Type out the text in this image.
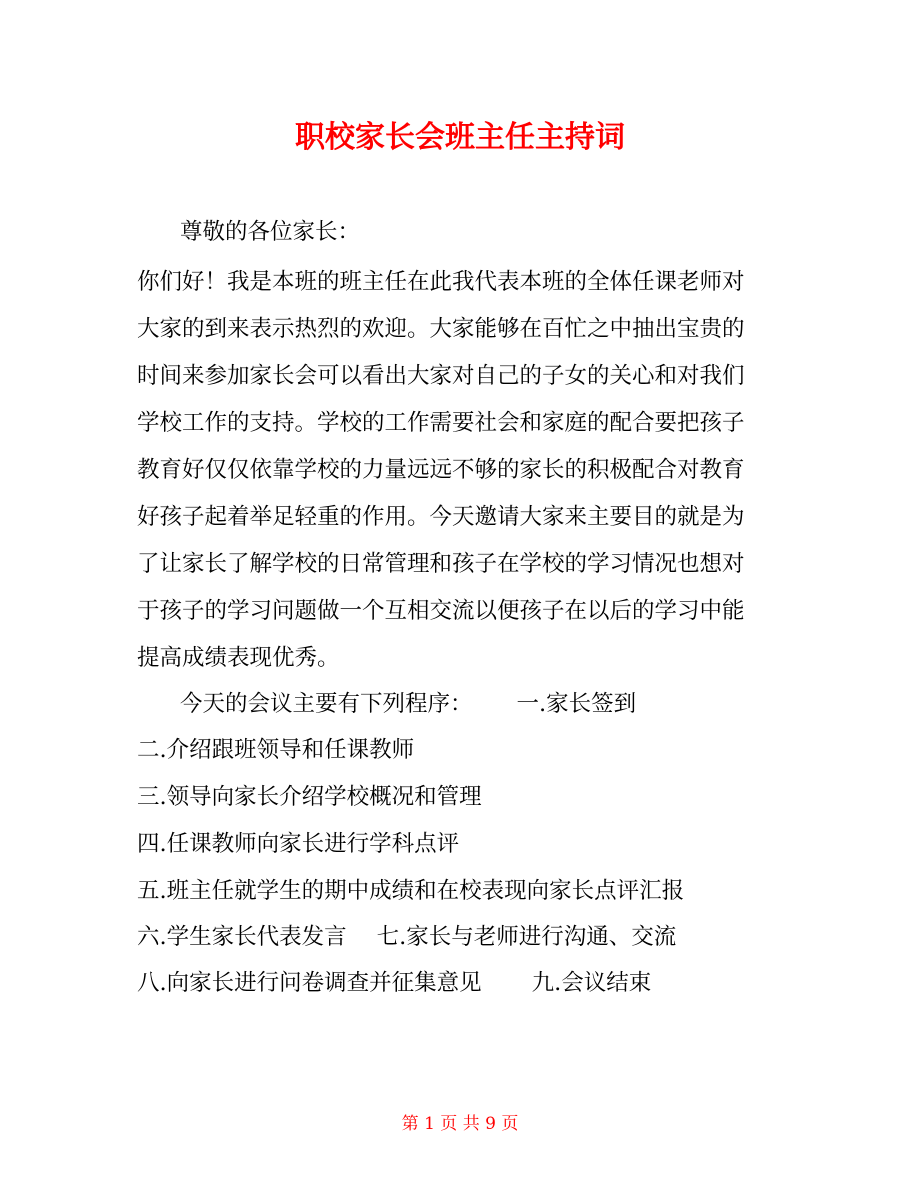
职校家长会班主任主持词

尊敬的各位家长：

你们好！我是本班的班主任在此我代表本班的全体任课老师对

大家的到来表示热烈的欢迎。大家能够在百忙之中抽出宝贵的

时间来参加家长会可以看出大家对自己的子女的关心和对我们

学校工作的支持。学校的工作需要社会和家庭的配合要把孩子

教育好仅仅依靠学校的力量远远不够的家长的积极配合对教育

好孩子起着举足轻重的作用。今天邀请大家来主要目的就是为

了让家长了解学校的日常管理和孩子在学校的学习情况也想对

于孩子的学习问题做一个互相交流以便孩子在以后的学习中能

提高成绩表现优秀。

今天的会议主要有下列程序： 一.家长签到

二.介绍跟班领导和任课教师

三.领导向家长介绍学校概况和管理

四.任课教师向家长进行学科点评

五.班主任就学生的期中成绩和在校表现向家长点评汇报

六.学生家长代表发言 七.家长与老师进行沟通、交流

八.向家长进行问卷调查并征集意见 九.会议结束

第 1 页 共 9 页
